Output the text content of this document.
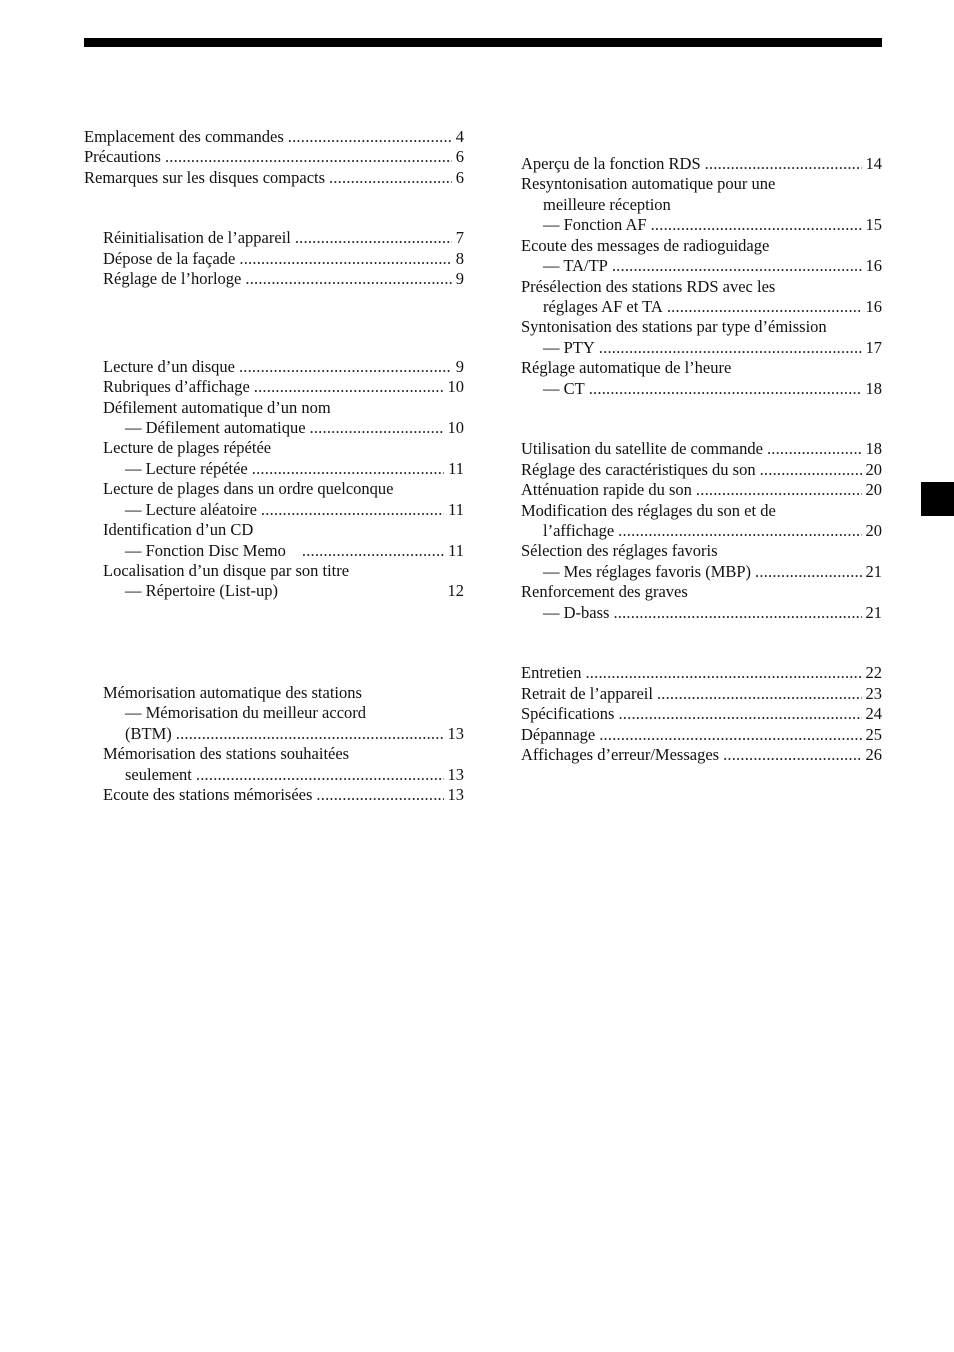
Emplacement des commandes .....	4
Précautions .....	6
Remarques sur les disques compacts .....	6
Réinitialisation de l’appareil .....	7
Dépose de la façade .....	8
Réglage de l’horloge .....	9
Lecture d’un disque .....	9
Rubriques d’affichage .....	10
Défilement automatique d’un nom
— Défilement automatique .....	10
Lecture de plages répétée
— Lecture répétée .....	11
Lecture de plages dans un ordre quelconque
— Lecture aléatoire .....	11
Identification d’un CD
— Fonction Disc Memo .....	11
Localisation d’un disque par son titre
— Répertoire (List-up)	12
Mémorisation automatique des stations
— Mémorisation du meilleur accord
(BTM) .....	13
Mémorisation des stations souhaitées
seulement .....	13
Ecoute des stations mémorisées .....	13
Aperçu de la fonction RDS .....	14
Resyntonisation automatique pour une
meilleure réception
— Fonction AF .....	15
Ecoute des messages de radioguidage
— TA/TP .....	16
Présélection des stations RDS avec les
réglages AF et TA .....	16
Syntonisation des stations par type d’émission
— PTY .....	17
Réglage automatique de l’heure
— CT .....	18
Utilisation du satellite de commande .....	18
Réglage des caractéristiques du son .....	20
Atténuation rapide du son .....	20
Modification des réglages du son et de
l’affichage .....	20
Sélection des réglages favoris
— Mes réglages favoris (MBP) .....	21
Renforcement des graves
— D-bass .....	21
Entretien .....	22
Retrait de l’appareil .....	23
Spécifications .....	24
Dépannage .....	25
Affichages d’erreur/Messages .....	26
